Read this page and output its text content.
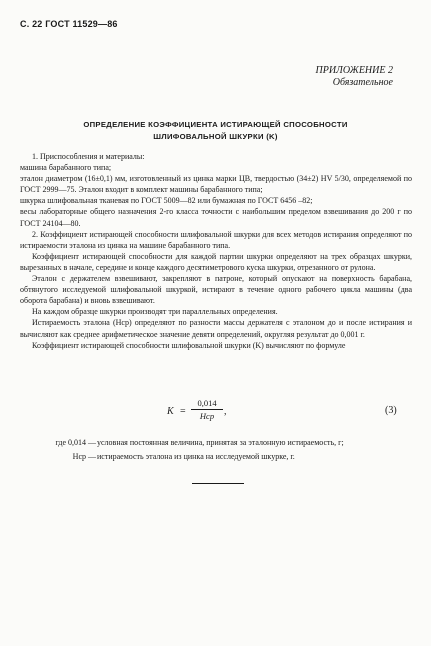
С. 22 ГОСТ 11529—86
ПРИЛОЖЕНИЕ 2
Обязательное
ОПРЕДЕЛЕНИЕ КОЭФФИЦИЕНТА ИСТИРАЮЩЕЙ СПОСОБНОСТИ
ШЛИФОВАЛЬНОЙ ШКУРКИ (K)

1. Приспособления и материалы:

машина барабанного типа;

эталон диаметром (16±0,1) мм, изготовленный из цинка марки ЦВ, твердостью (34±2) HV 5/30, определяемой по ГОСТ 2999—75. Эталон входит в комплект машины барабанного типа;

шкурка шлифовальная тканевая по ГОСТ 5009—82 или бумажная по ГОСТ 6456 –82;

весы лабораторные общего назначения 2-го класса точности с наибольшим пределом взвешивания до 200 г по ГОСТ 24104—80.

2. Коэффициент истирающей способности шлифовальной шкурки для всех методов истирания определяют по истираемости эталона из цинка на машине барабанного типа.

Коэффициент истирающей способности для каждой партии шкурки определяют на трех образцах шкурки, вырезанных в начале, середине и конце каждого десятиметрового куска шкурки, отрезанного от рулона.

Эталон с держателем взвешивают, закрепляют в патроне, который опускают на поверхность барабана, обтянутого исследуемой шлифовальной шкуркой, истирают в течение одного рабочего цикла машины (два оборота барабана) и вновь взвешивают.

На каждом образце шкурки производят три параллельных определения.

Истираемость эталона (Hср) определяют по разности массы держателя с эталоном до и после истирания и вычисляют как среднее арифметическое значение девяти определений, округляя результат до 0,001 г.

Коэффициент истирающей способности шлифовальной шкурки (K) вычисляют по формуле

K =
0,014
Hср ,	(3)
где 0,014 — условная постоянная величина, принятая за эталонную истираемость, г;
Hср — истираемость эталона из цинка на исследуемой шкурке, г.
